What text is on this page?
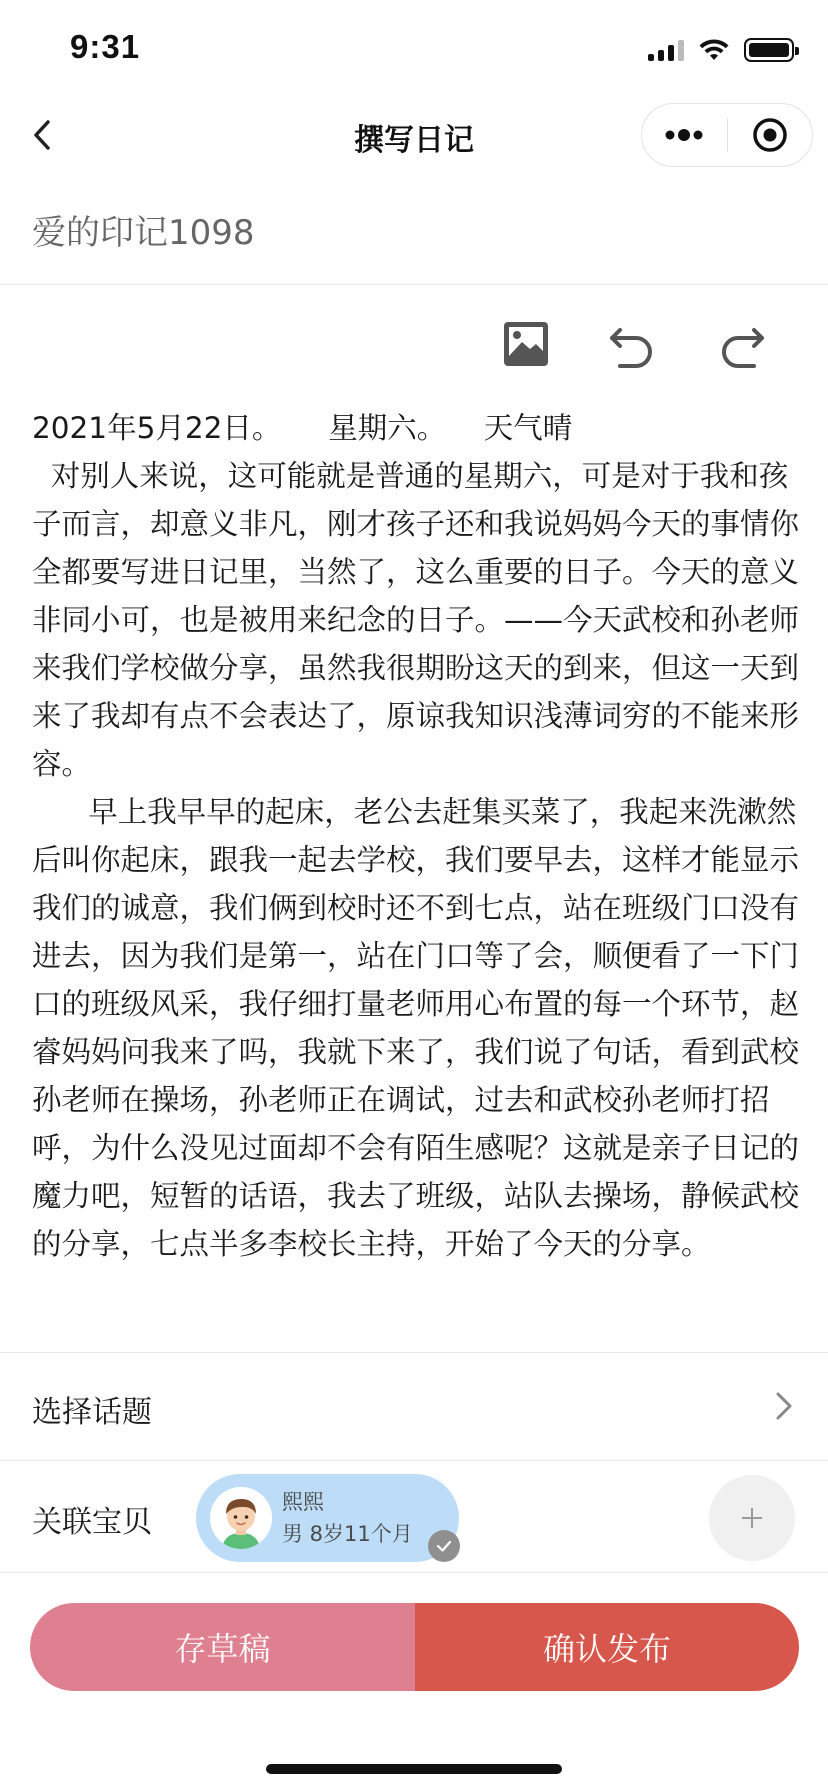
9:31
撰写日记
爱的印记1098
2021年5月22日。     星期六。    天气晴
对别人来说，这可能就是普通的星期六，可是对于我和孩子而言，却意义非凡，刚才孩子还和我说妈妈今天的事情你全都要写进日记里，当然了，这么重要的日子。今天的意义非同小可，也是被用来纪念的日子。——今天武校和孙老师来我们学校做分享，虽然我很期盼这天的到来，但这一天到来了我却有点不会表达了，原谅我知识浅薄词穷的不能来形容。
早上我早早的起床，老公去赶集买菜了，我起来洗漱然后叫你起床，跟我一起去学校，我们要早去，这样才能显示我们的诚意，我们俩到校时还不到七点，站在班级门口没有进去，因为我们是第一，站在门口等了会，顺便看了一下门口的班级风采，我仔细打量老师用心布置的每一个环节，赵睿妈妈问我来了吗，我就下来了，我们说了句话，看到武校孙老师在操场，孙老师正在调试，过去和武校孙老师打招呼，为什么没见过面却不会有陌生感呢？这就是亲子日记的魔力吧，短暂的话语，我去了班级，站队去操场，静候武校的分享，七点半多李校长主持，开始了今天的分享。
选择话题
关联宝贝
熙熙
男 8岁11个月
存草稿	确认发布
